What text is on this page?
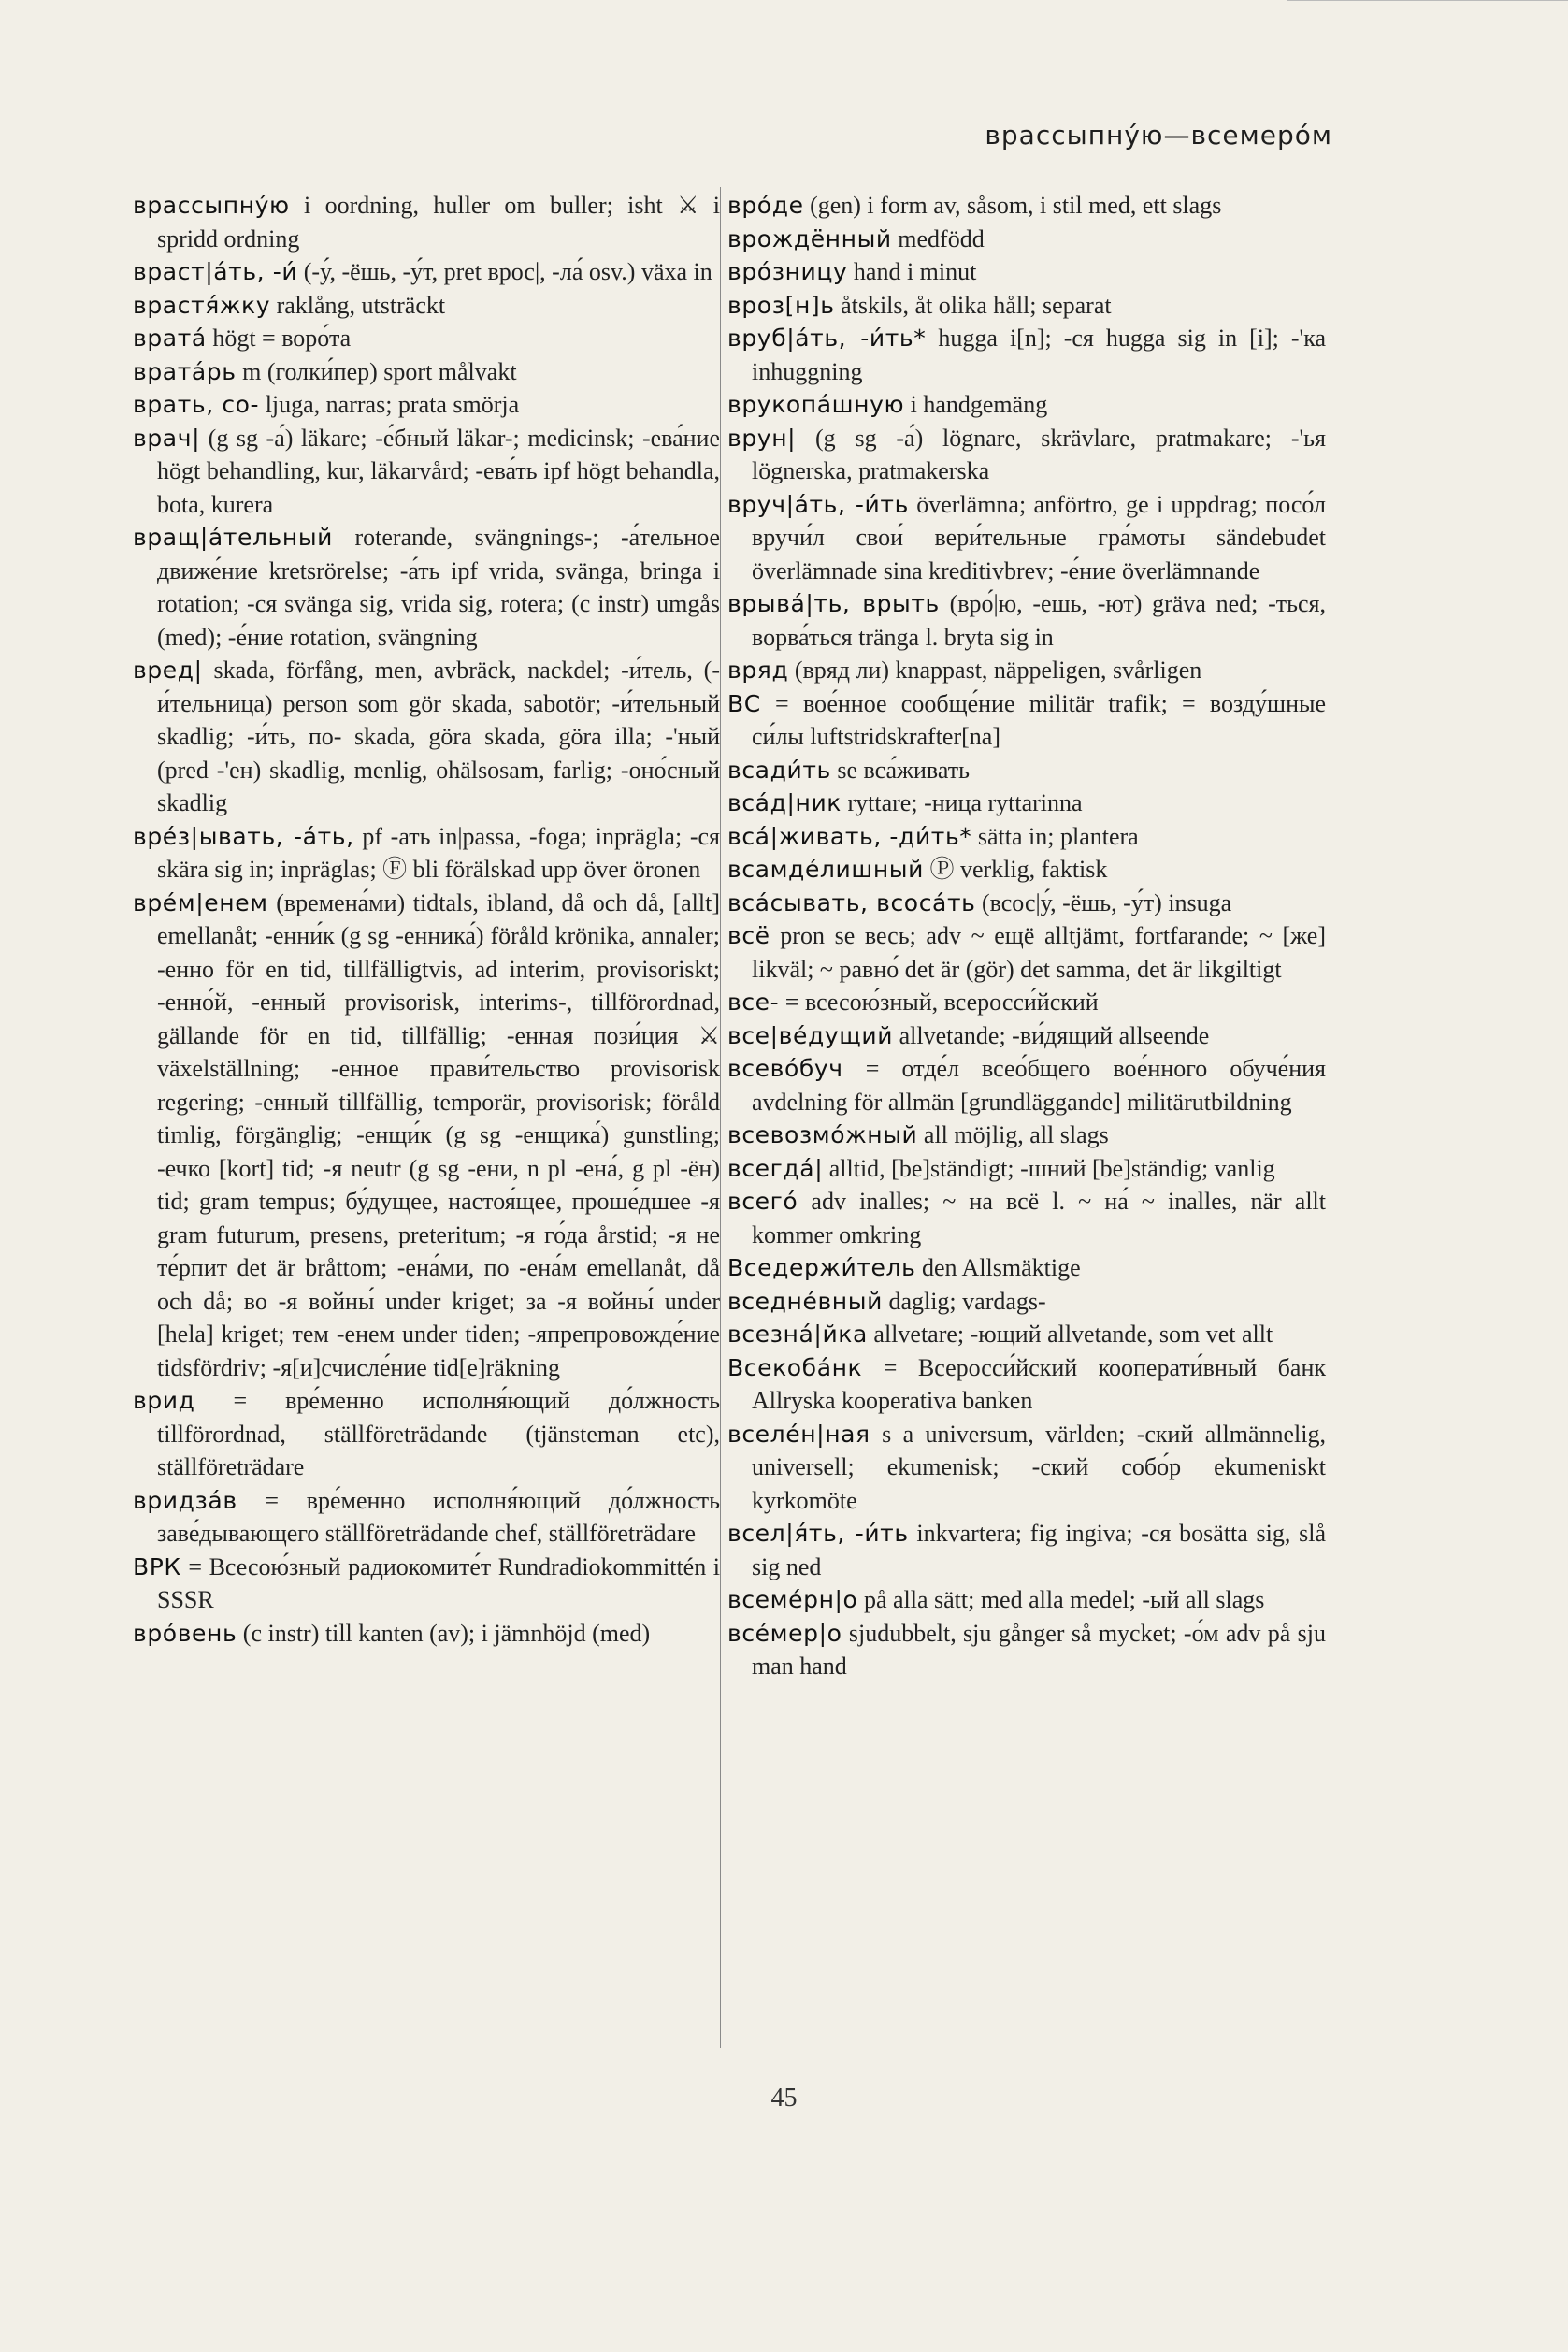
врассыпну́ю—всемеро́м

врассыпну́ю i oordning, huller om buller; isht ⚔ i spridd ordning

враст|а́ть, -и́ (-у́, -ёшь, -у́т, pret врос|, -ла́ osv.) växa in

врастя́жку raklång, utsträckt

врата́ högt = воро́та

врата́рь m (голки́пер) sport målvakt

врать, со- ljuga, narras; prata smörja

врач| (g sg -а́) läkare; -е́бный läkar-; medicinsk; -ева́ние högt behandling, kur, läkarvård; -ева́ть ipf högt behandla, bota, kurera

вращ|а́тельный roterande, svängnings-; -а́тельное движе́ние kretsrörelse; -а́ть ipf vrida, svänga, bringa i rotation; -ся svänga sig, vrida sig, rotera; (с instr) umgås (med); -е́ние rotation, svängning

вред| skada, förfång, men, avbräck, nackdel; -и́тель, (-и́тельница) person som gör skada, sabotör; -и́тельный skadlig; -и́ть, по- skada, göra skada, göra illa; -'ный (pred -'ен) skadlig, menlig, ohälsosam, farlig; -оно́сный skadlig

вре́з|ывать, -а́ть, pf -ать in|passa, -foga; inprägla; -ся skära sig in; inpräglas; Ⓕ bli förälskad upp över öronen

вре́м|енем (времена́ми) tidtals, ibland, då och då, [allt] emellanåt; -енни́к (g sg -енника́) föråld krönika, annaler; -енно för en tid, tillfälligtvis, ad interim, provisoriskt; -енно́й, -енный provisorisk, interims-, tillförordnad, gällande för en tid, tillfällig; -енная пози́ция ⚔ växelställning; -енное прави́тельство provisorisk regering; -енный tillfällig, temporär, provisorisk; föråld timlig, förgänglig; -енщи́к (g sg -енщика́) gunstling; -ечко [kort] tid; -я neutr (g sg -ени, n pl -ена́, g pl -ён) tid; gram tempus; бу́дущее, настоя́щее, проше́дшее -я gram futurum, presens, preteritum; -я го́да årstid; -я не те́рпит det är bråttom; -ена́ми, по -ена́м emellanåt, då och då; во -я войны́ under kriget; за -я войны́ under [hela] kriget; тем -енем under tiden; -япрепровожде́ние tidsfördriv; -я[и]счисле́ние tid[e]räkning

врид = вре́менно исполня́ющий до́лжность tillförordnad, ställföreträdande (tjänsteman etc), ställföreträdare

вридза́в = вре́менно исполня́ющий до́лжность заве́дывающего ställföreträdande chef, ställföreträdare

ВРК = Всесою́зный радиокомите́т Rundradiokommittén i SSSR

вро́вень (с instr) till kanten (av); i jämnhöjd (med)

вро́де (gen) i form av, såsom, i stil med, ett slags

врождённый medfödd

вро́зницу hand i minut

вроз[н]ь åtskils, åt olika håll; separat

вруб|а́ть, -и́ть* hugga i[n]; -ся hugga sig in [i]; -'ка inhuggning

врукопа́шную i handgemäng

врун| (g sg -а́) lögnare, skrävlare, pratmakare; -'ья lögnerska, pratmakerska

вруч|а́ть, -и́ть överlämna; anförtro, ge i uppdrag; посо́л вручи́л свои́ вери́тельные гра́моты sändebudet överlämnade sina kreditivbrev; -е́ние överlämnande

врыва́|ть, врыть (вро́|ю, -ешь, -ют) gräva ned; -ться, ворва́ться tränga l. bryta sig in

вряд (вряд ли) knappast, näppeligen, svårligen

ВС = вое́нное сообще́ние militär trafik; = возду́шные си́лы luftstridskrafter[na]

всади́ть se вса́живать

вса́д|ник ryttare; -ница ryttarinna

вса́|живать, -ди́ть* sätta in; plantera

всамде́лишный Ⓟ verklig, faktisk

вса́сывать, всоса́ть (всос|у́, -ёшь, -у́т) insuga

всё pron se весь; adv ~ ещё alltjämt, fortfarande; ~ [же] likväl; ~ равно́ det är (gör) det samma, det är likgiltigt

все- = всесою́зный, всеросси́йский

все|ве́дущий allvetande; -ви́дящий allseende

всево́буч = отде́л всео́бщего вое́нного обуче́ния avdelning för allmän [grundläggande] militärutbildning

всевозмо́жный all möjlig, all slags

всегда́| alltid, [be]ständigt; -шний [be]ständig; vanlig

всего́ adv inalles; ~ на всё l. ~ на́ ~ inalles, när allt kommer omkring

Вседержи́тель den Allsmäktige

вседне́вный daglig; vardags-

всезна́|йка allvetare; -ющий allvetande, som vet allt

Всекоба́нк = Всеросси́йский кооперати́вный банк Allryska kooperativa banken

вселе́н|ная s a universum, världen; -ский allmännelig, universell; ekumenisk; -ский собо́р ekumeniskt kyrkomöte

всел|я́ть, -и́ть inkvartera; fig ingiva; -ся bosätta sig, slå sig ned

всеме́рн|о på alla sätt; med alla medel; -ый all slags

все́мер|о sjudubbelt, sju gånger så mycket; -о́м adv på sju man hand

45
